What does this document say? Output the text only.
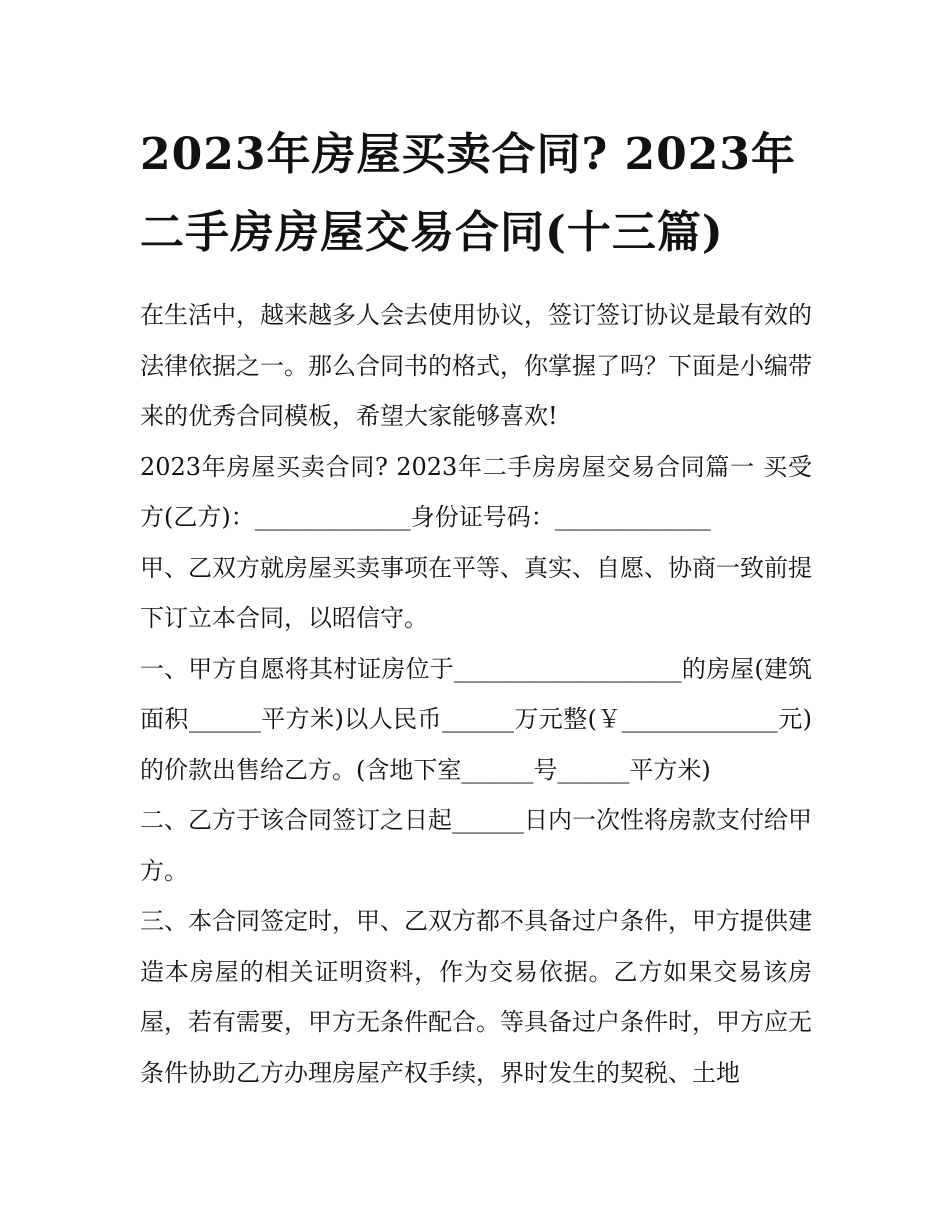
2023年房屋买卖合同? 2023年二手房房屋交易合同(十三篇)

在生活中，越来越多人会去使用协议，签订签订协议是最有效的法律依据之一。那么合同书的格式，你掌握了吗？下面是小编带来的优秀合同模板，希望大家能够喜欢!

2023年房屋买卖合同? 2023年二手房房屋交易合同篇一 买受方(乙方)：_____________身份证号码：_____________

甲、乙双方就房屋买卖事项在平等、真实、自愿、协商一致前提下订立本合同，以昭信守。

一、甲方自愿将其村证房位于___________________的房屋(建筑面积______平方米)以人民币______万元整(￥_____________元)的价款出售给乙方。(含地下室______号______平方米)

二、乙方于该合同签订之日起______日内一次性将房款支付给甲方。

三、本合同签定时，甲、乙双方都不具备过户条件，甲方提供建造本房屋的相关证明资料，作为交易依据。乙方如果交易该房屋，若有需要，甲方无条件配合。等具备过户条件时，甲方应无条件协助乙方办理房屋产权手续，界时发生的契税、土地
